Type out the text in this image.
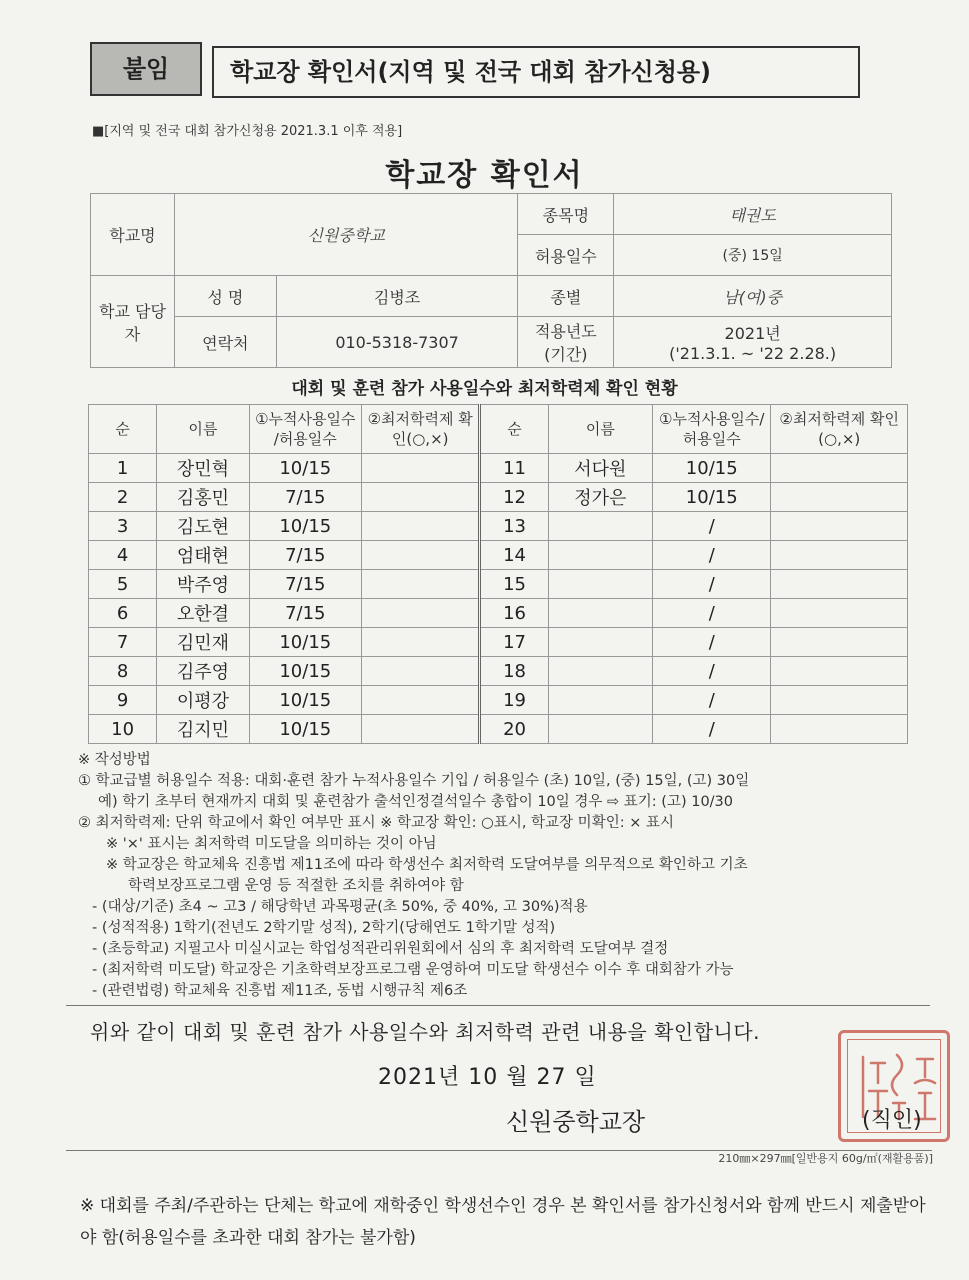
붙임	학교장 확인서(지역 및 전국 대회 참가신청용)
■[지역 및 전국 대회 참가신청용 2021.3.1 이후 적용]
학교장 확인서
학교명	신원중학교		종목명	태권도
			허용일수	(중) 15일
학교 담당자	성 명	김병조	종별	남(여)중
	연락처	010-5318-7307	적용년도 (기간)	2021년
('21.3.1. ~ '22 2.28.)
대회 및 훈련 참가 사용일수와 최저학력제 확인 현황
순	이름	①누적사용일수 /허용일수	②최저학력제 확인(○,×)	순	이름	①누적사용일수/ 허용일수	②최저학력제 확인(○,×)
1	장민혁	10/15		11	서다원	10/15	
2	김홍민	7/15		12	정가은	10/15	
3	김도현	10/15		13		/	
4	엄태현	7/15		14		/	
5	박주영	7/15		15		/	
6	오한결	7/15		16		/	
7	김민재	10/15		17		/	
8	김주영	10/15		18		/	
9	이평강	10/15		19		/	
10	김지민	10/15		20		/	
※ 작성방법
① 학교급별 허용일수 적용: 대회·훈련 참가 누적사용일수 기입 / 허용일수 (초) 10일, (중) 15일, (고) 30일
예) 학기 초부터 현재까지 대회 및 훈련참가 출석인정결석일수 총합이 10일 경우 ⇨ 표기: (고) 10/30
② 최저학력제: 단위 학교에서 확인 여부만 표시 ※ 학교장 확인: ○표시, 학교장 미확인: × 표시
※ '×' 표시는 최저학력 미도달을 의미하는 것이 아님
※ 학교장은 학교체육 진흥법 제11조에 따라 학생선수 최저학력 도달여부를 의무적으로 확인하고 기초
학력보장프로그램 운영 등 적절한 조치를 취하여야 함
- (대상/기준) 초4 ~ 고3 / 해당학년 과목평균(초 50%, 중 40%, 고 30%)적용
- (성적적용) 1학기(전년도 2학기말 성적), 2학기(당해연도 1학기말 성적)
- (초등학교) 지필고사 미실시교는 학업성적관리위원회에서 심의 후 최저학력 도달여부 결정
- (최저학력 미도달) 학교장은 기초학력보장프로그램 운영하여 미도달 학생선수 이수 후 대회참가 가능
- (관련법령) 학교체육 진흥법 제11조, 동법 시행규칙 제6조
위와 같이 대회 및 훈련 참가 사용일수와 최저학력 관련 내용을 확인합니다.
2021년 10 월 27 일
신원중학교장	(직인)
210㎜×297㎜[일반용지 60g/㎡(재활용품)]
※ 대회를 주최/주관하는 단체는 학교에 재학중인 학생선수인 경우 본 확인서를 참가신청서와 함께 반드시 제출받아야 함(허용일수를 초과한 대회 참가는 불가함)
